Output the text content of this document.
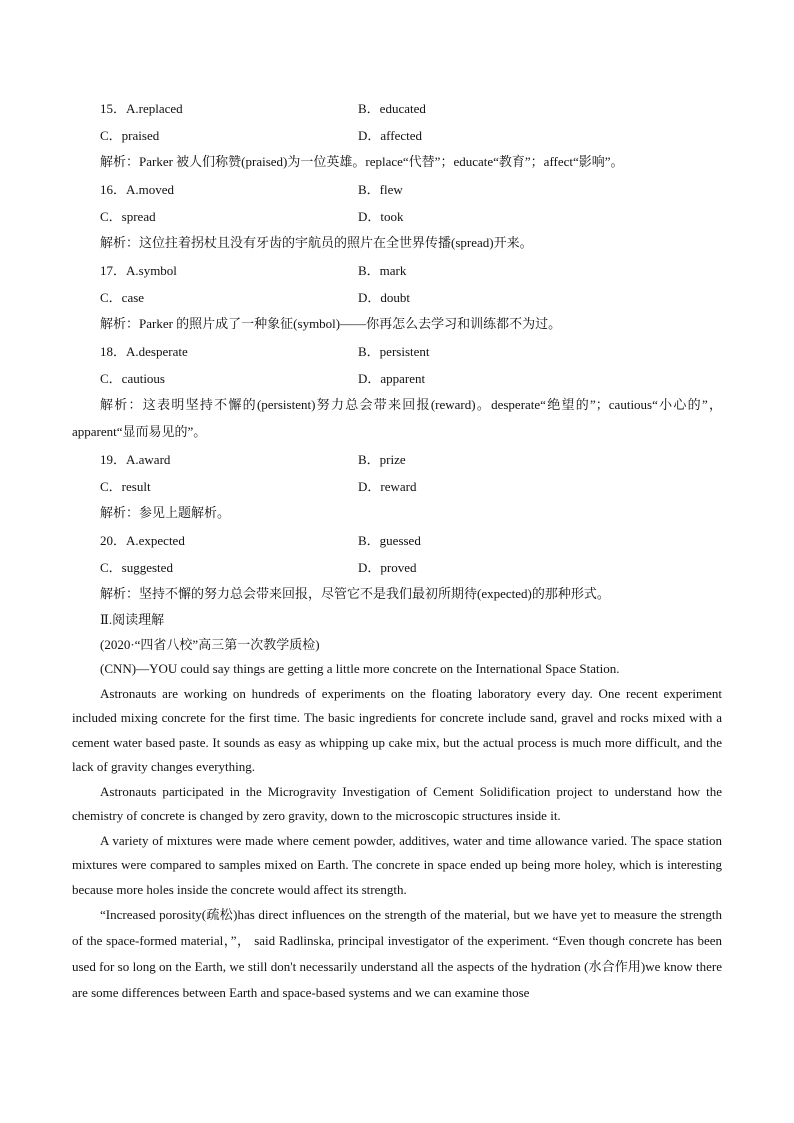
15．A.replaced	B．educated
C．praised	D．affected
解析：Parker 被人们称赞(praised)为一位英雄。replace“代替”；educate“教育”；affect“影响”。
16．A.moved	B．flew
C．spread	D．took
解析：这位拄着拐杖且没有牙齿的宇航员的照片在全世界传播(spread)开来。
17．A.symbol	B．mark
C．case	D．doubt
解析：Parker 的照片成了一种象征(symbol)——你再怎么去学习和训练都不为过。
18．A.desperate	B．persistent
C．cautious	D．apparent
解析：这表明坚持不懈的(persistent)努力总会带来回报(reward)。desperate“绝望的”；cautious“小心的”，apparent“显而易见的”。
19．A.award	B．prize
C．result	D．reward
解析：参见上题解析。
20．A.expected	B．guessed
C．suggested	D．proved
解析：坚持不懈的努力总会带来回报，尽管它不是我们最初所期待(expected)的那种形式。
Ⅱ.阅读理解
(2020·“四省八校”高三第一次教学质检)

(CNN)—YOU could say things are getting a little more concrete on the International Space Station.

Astronauts are working on hundreds of experiments on the floating laboratory every day. One recent experiment included mixing concrete for the first time. The basic ingredients for concrete include sand, gravel and rocks mixed with a cement water based paste. It sounds as easy as whipping up cake mix, but the actual process is much more difficult, and the lack of gravity changes everything.

Astronauts participated in the Microgravity Investigation of Cement Solidification project to understand how the chemistry of concrete is changed by zero gravity, down to the microscopic structures inside it.

A variety of mixtures were made where cement powder, additives, water and time allowance varied. The space station mixtures were compared to samples mixed on Earth. The concrete in space ended up being more holey, which is interesting because more holes inside the concrete would affect its strength.

“Increased porosity(疏松)has direct influences on the strength of the material, but we have yet to measure the strength of the space-formed material，”， said Radlinska, principal investigator of the experiment. “Even though concrete has been used for so long on the Earth, we still don't necessarily understand all the aspects of the hydration (水合作用)we know there are some differences between Earth and space-based systems and we can examine those
